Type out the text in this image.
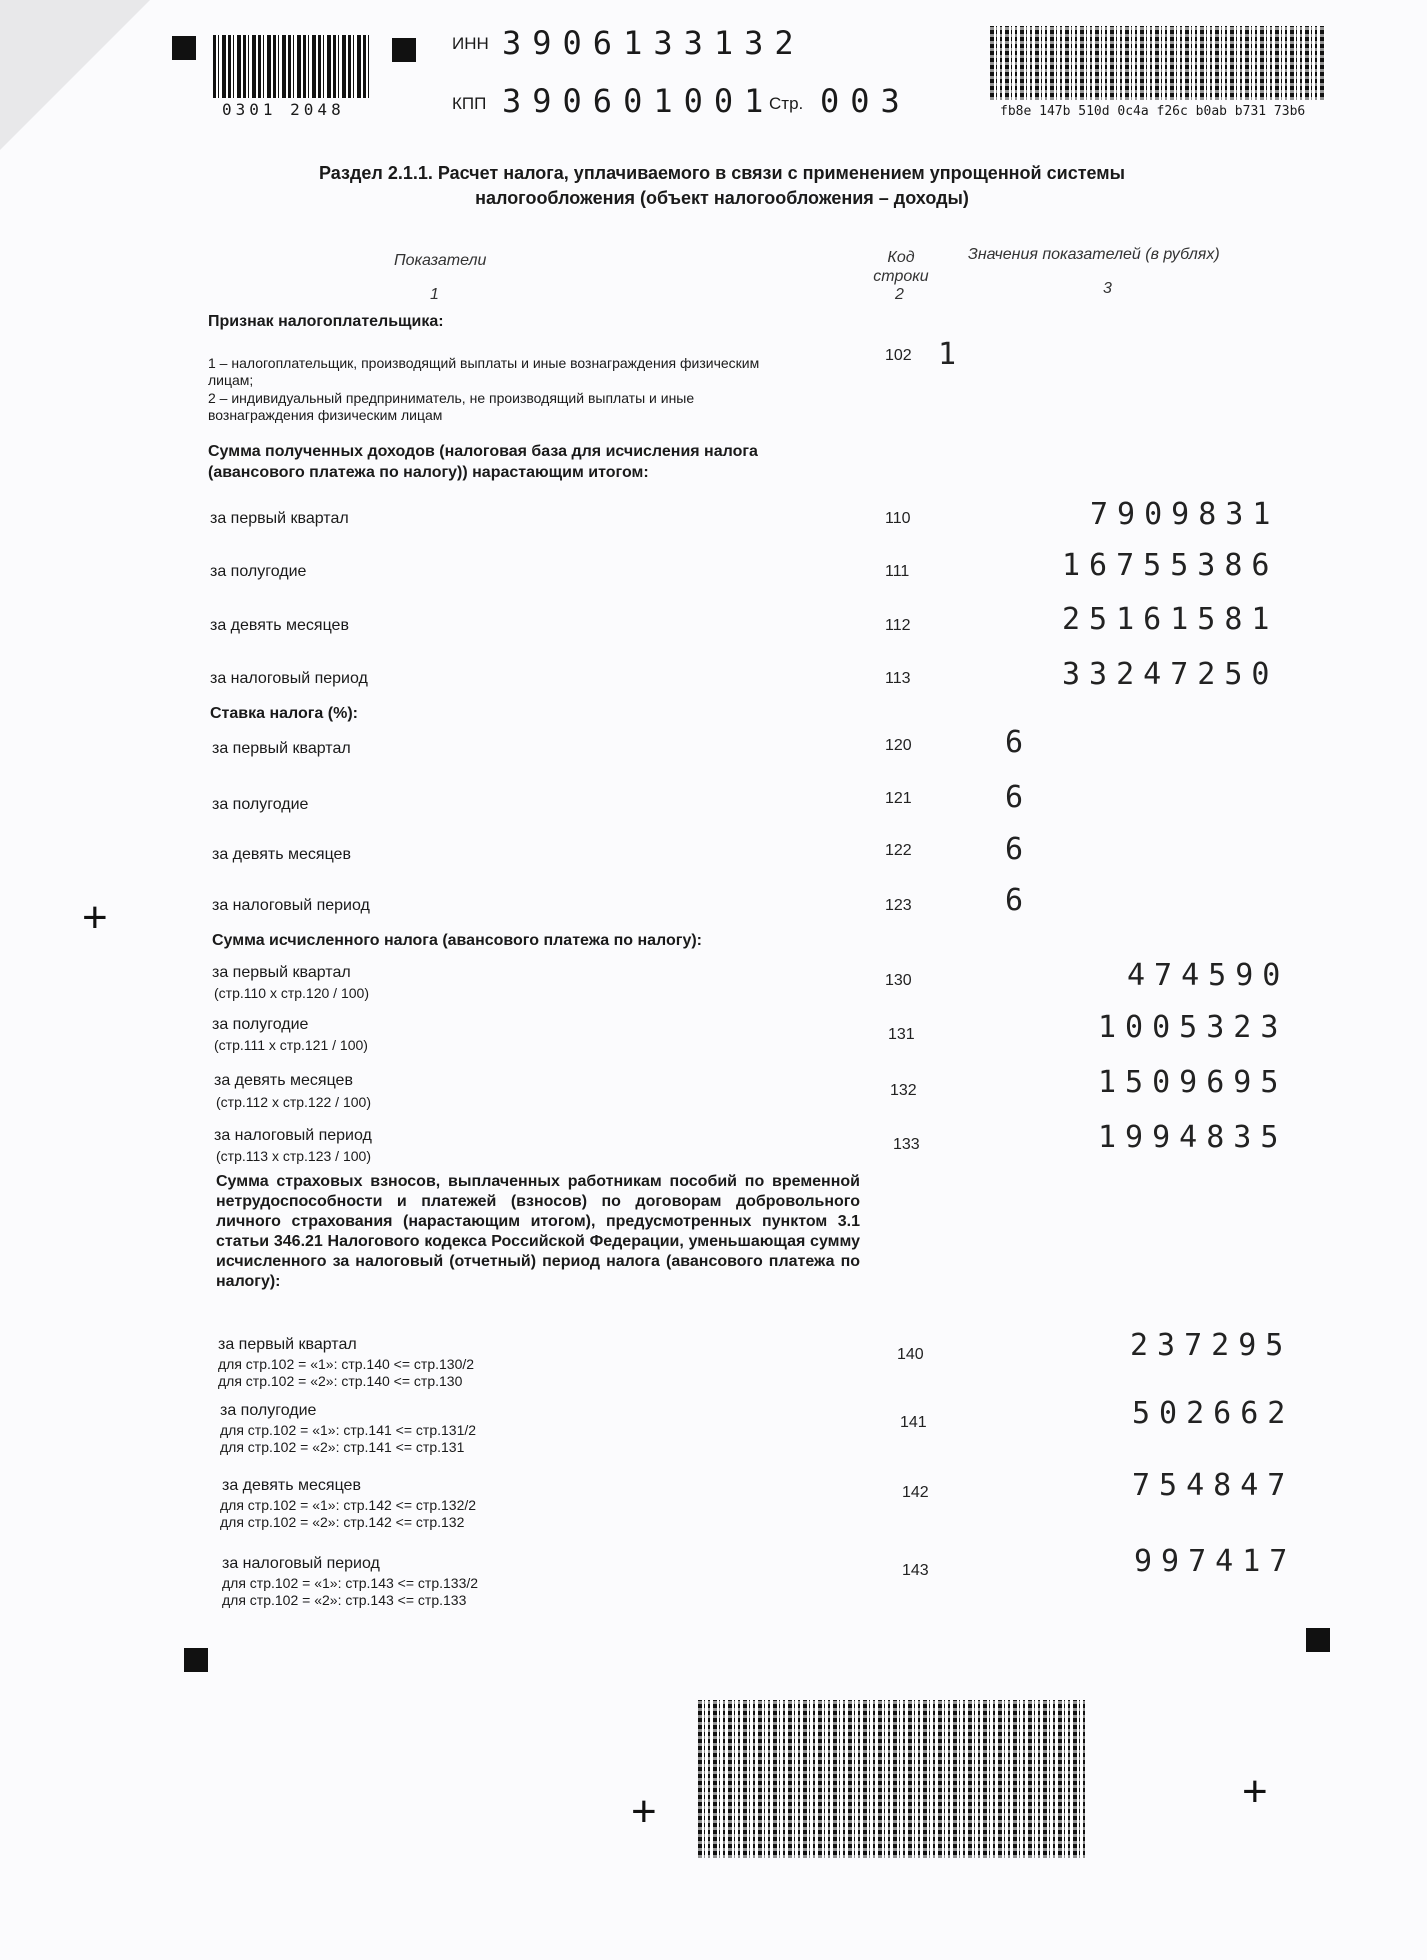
0301 2048
ИНН 3906133132
КПП 390601001
Стр. 003	fb8e 147b 510d 0c4a f26c b0ab b731 73b6
Раздел 2.1.1. Расчет налога, уплачиваемого в связи с применением упрощенной системы
налогообложения (объект налогообложения – доходы)
Показатели	Код строки
Значения показателей (в рублях)
1	2	3
Признак налогоплательщика:
1 – налогоплательщик, производящий выплаты и иные вознаграждения физическим лицам;
2 – индивидуальный предприниматель, не производящий выплаты и иные вознаграждения физическим лицам
102 1
Сумма полученных доходов (налоговая база для исчисления налога (авансового платежа по налогу)) нарастающим итогом:
за первый квартал	110	7909831
за полугодие	111	16755386
за девять месяцев	112	25161581
за налоговый период	113	33247250
Ставка налога (%):
за первый квартал	120	6
за полугодие	121	6
за девять месяцев	122	6
за налоговый период	123	6
Сумма исчисленного налога (авансового платежа по налогу):
за первый квартал
(стр.110 х стр.120 / 100)
130	474590
за полугодие
(стр.111 х стр.121 / 100)
131	1005323
за девять месяцев
(стр.112 х стр.122 / 100)
132	1509695
за налоговый период
(стр.113 х стр.123 / 100)
133	1994835
Сумма страховых взносов, выплаченных работникам пособий по временной нетрудоспособности и платежей (взносов) по договорам добровольного личного страхования (нарастающим итогом), предусмотренных пунктом 3.1 статьи 346.21 Налогового кодекса Российской Федерации, уменьшающая сумму исчисленного за налоговый (отчетный) период налога (авансового платежа по налогу):
за первый квартал
для стр.102 = «1»: стр.140 <= стр.130/2
для стр.102 = «2»: стр.140 <= стр.130
140	237295
за полугодие
для стр.102 = «1»: стр.141 <= стр.131/2
для стр.102 = «2»: стр.141 <= стр.131
141	502662
за девять месяцев
для стр.102 = «1»: стр.142 <= стр.132/2
для стр.102 = «2»: стр.142 <= стр.132
142	754847
за налоговый период
для стр.102 = «1»: стр.143 <= стр.133/2
для стр.102 = «2»: стр.143 <= стр.133
143	997417
+
+	+
